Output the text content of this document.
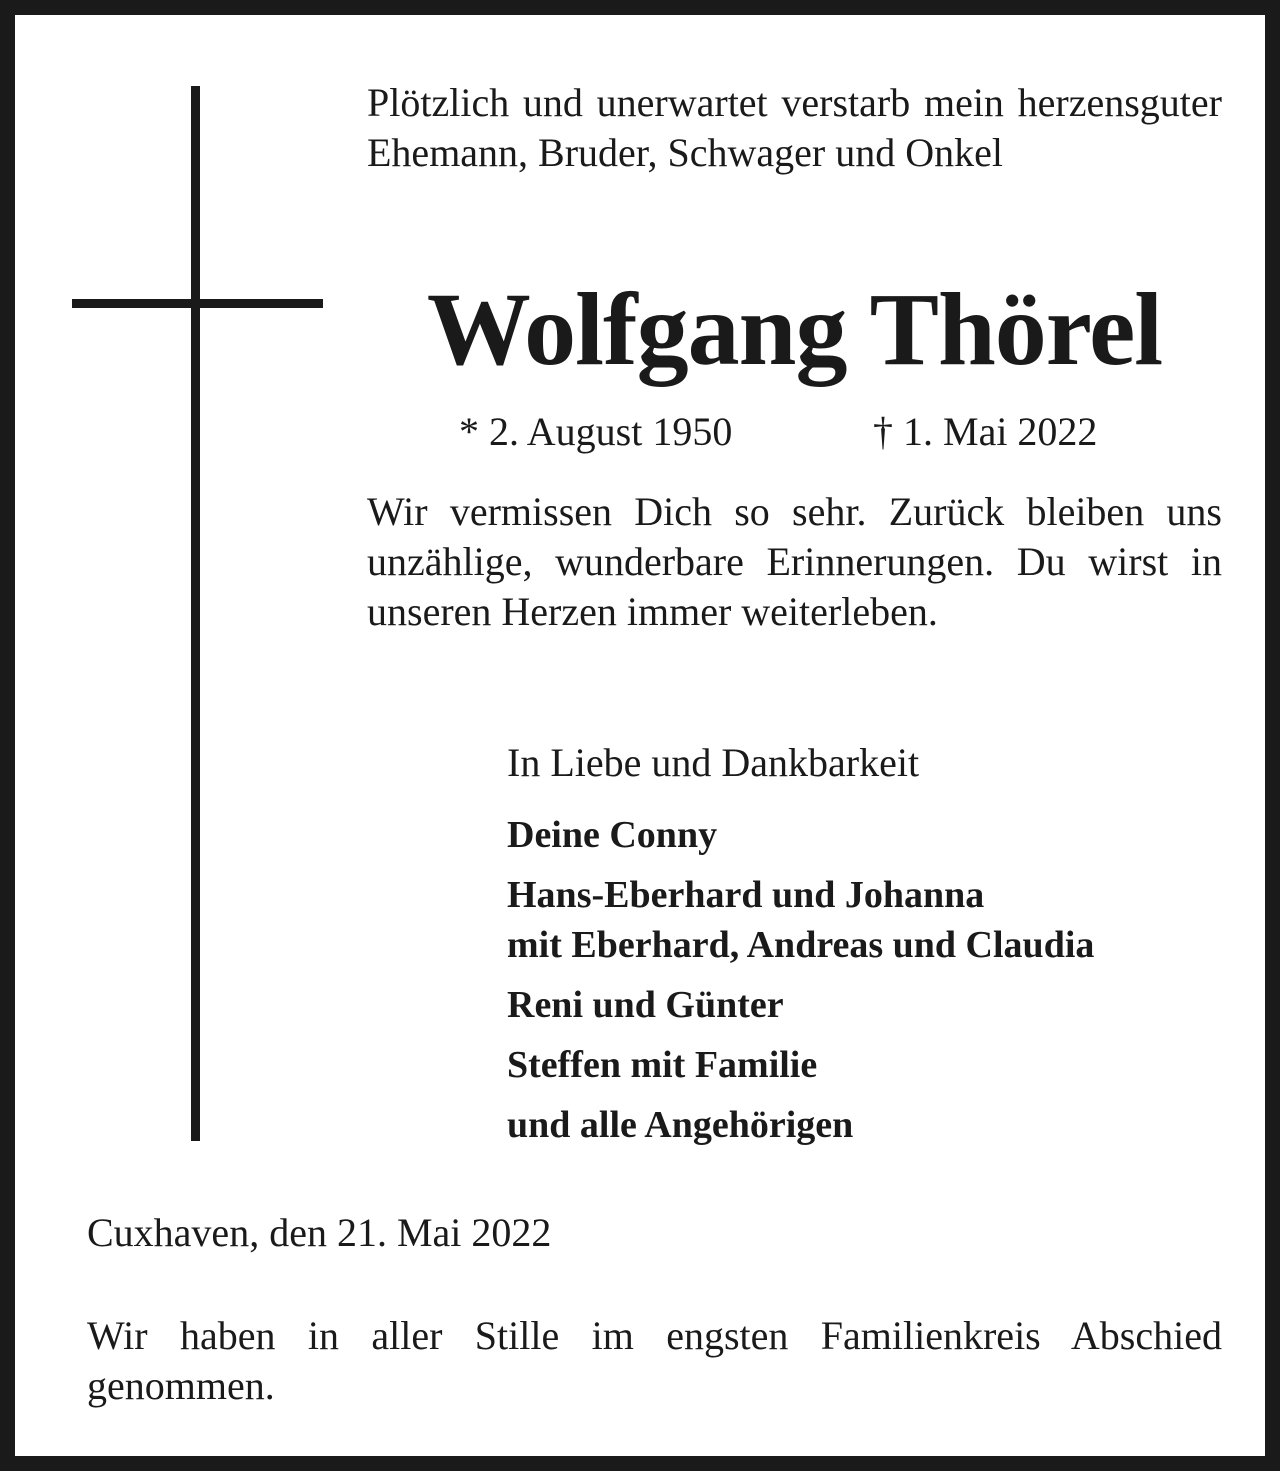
Plötzlich und unerwartet verstarb mein herzensguter Ehemann, Bruder, Schwager und Onkel

Wolfgang Thörel
* 2. August 1950	† 1. Mai 2022

Wir vermissen Dich so sehr. Zurück bleiben uns unzählige, wunderbare Erinnerungen. Du wirst in unseren Herzen immer weiterleben.

In Liebe und Dankbarkeit

Deine Conny
Hans-Eberhard und Johanna
mit Eberhard, Andreas und Claudia
Reni und Günter
Steffen mit Familie
und alle Angehörigen

Cuxhaven, den 21. Mai 2022

Wir haben in aller Stille im engsten Familienkreis Abschied genommen.
